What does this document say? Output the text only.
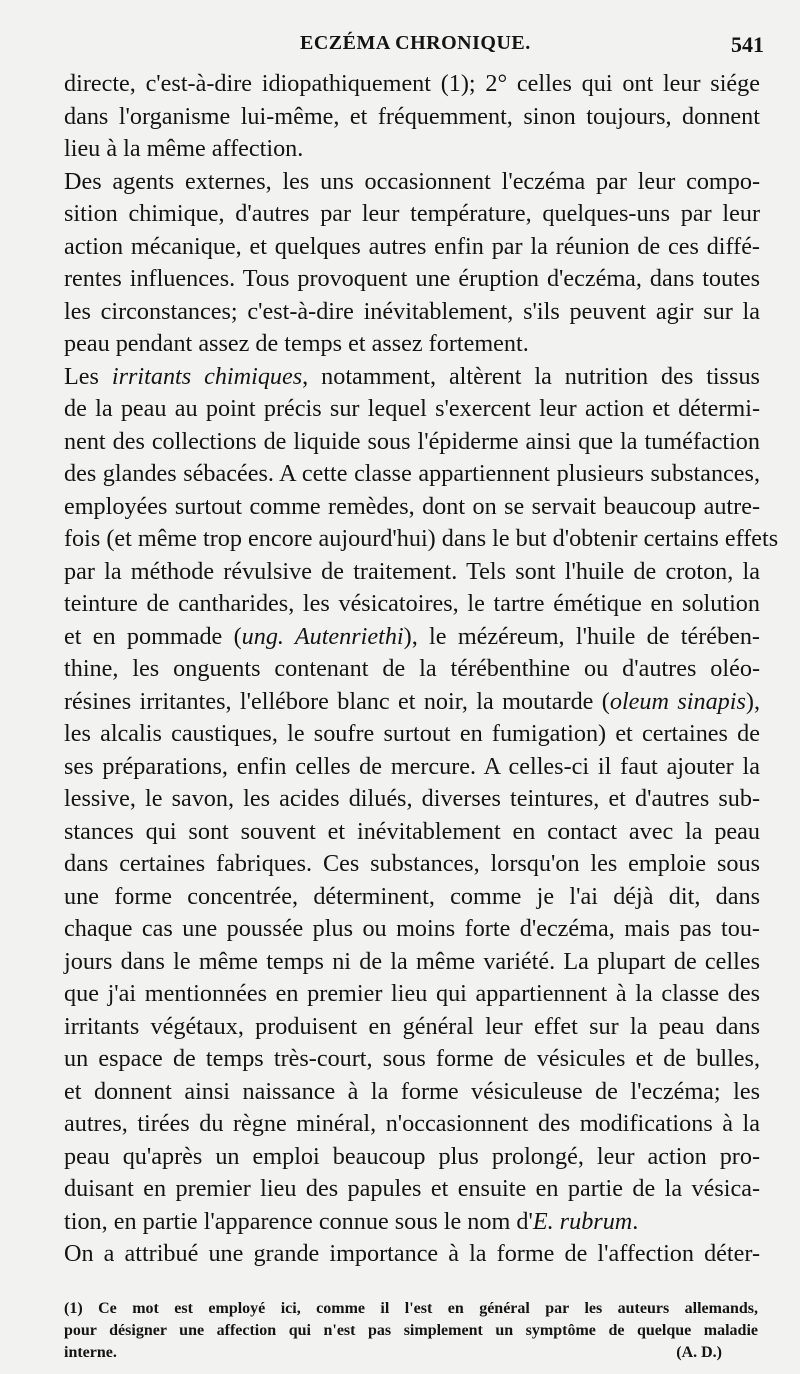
ECZÉMA CHRONIQUE.	541

directe, c'est-à-dire idiopathiquement (1); 2° celles qui ont leur siége
dans l'organisme lui-même, et fréquemment, sinon toujours, donnent
lieu à la même affection.

Des agents externes, les uns occasionnent l'eczéma par leur compo-
sition chimique, d'autres par leur température, quelques-uns par leur
action mécanique, et quelques autres enfin par la réunion de ces diffé-
rentes influences. Tous provoquent une éruption d'eczéma, dans toutes
les circonstances; c'est-à-dire inévitablement, s'ils peuvent agir sur la
peau pendant assez de temps et assez fortement.

Les irritants chimiques, notamment, altèrent la nutrition des tissus
de la peau au point précis sur lequel s'exercent leur action et détermi-
nent des collections de liquide sous l'épiderme ainsi que la tuméfaction
des glandes sébacées. A cette classe appartiennent plusieurs substances,
employées surtout comme remèdes, dont on se servait beaucoup autre-
fois (et même trop encore aujourd'hui) dans le but d'obtenir certains effets
par la méthode révulsive de traitement. Tels sont l'huile de croton, la
teinture de cantharides, les vésicatoires, le tartre émétique en solution
et en pommade (ung. Autenriethi), le mézéreum, l'huile de térében-
thine, les onguents contenant de la térébenthine ou d'autres oléo-
résines irritantes, l'ellébore blanc et noir, la moutarde (oleum sinapis),
les alcalis caustiques, le soufre surtout en fumigation) et certaines de
ses préparations, enfin celles de mercure. A celles-ci il faut ajouter la
lessive, le savon, les acides dilués, diverses teintures, et d'autres sub-
stances qui sont souvent et inévitablement en contact avec la peau
dans certaines fabriques. Ces substances, lorsqu'on les emploie sous
une forme concentrée, déterminent, comme je l'ai déjà dit, dans
chaque cas une poussée plus ou moins forte d'eczéma, mais pas tou-
jours dans le même temps ni de la même variété. La plupart de celles
que j'ai mentionnées en premier lieu qui appartiennent à la classe des
irritants végétaux, produisent en général leur effet sur la peau dans
un espace de temps très-court, sous forme de vésicules et de bulles,
et donnent ainsi naissance à la forme vésiculeuse de l'eczéma; les
autres, tirées du règne minéral, n'occasionnent des modifications à la
peau qu'après un emploi beaucoup plus prolongé, leur action pro-
duisant en premier lieu des papules et ensuite en partie de la vésica-
tion, en partie l'apparence connue sous le nom d'E. rubrum.

On a attribué une grande importance à la forme de l'affection déter-

(1) Ce mot est employé ici, comme il l'est en général par les auteurs allemands,
pour désigner une affection qui n'est pas simplement un symptôme de quelque maladie
interne.	(A. D.)
